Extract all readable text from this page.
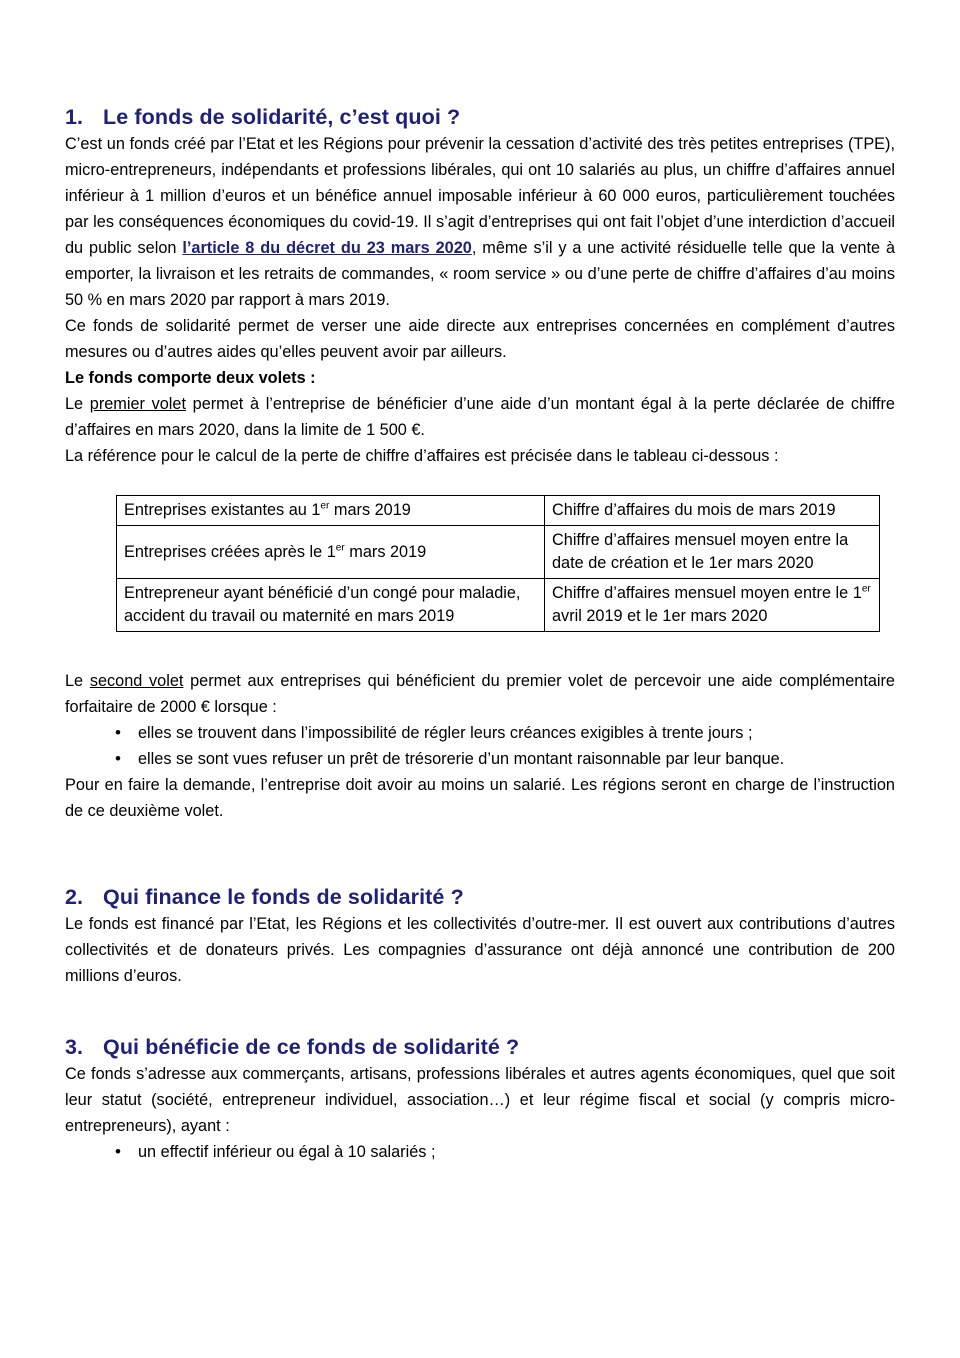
1. Le fonds de solidarité, c’est quoi ?

C’est un fonds créé par l’Etat et les Régions pour prévenir la cessation d’activité des très petites entreprises (TPE), micro-entrepreneurs, indépendants et professions libérales, qui ont 10 salariés au plus, un chiffre d’affaires annuel inférieur à 1 million d’euros et un bénéfice annuel imposable inférieur à 60 000 euros, particulièrement touchées par les conséquences économiques du covid-19. Il s’agit d’entreprises qui ont fait l’objet d’une interdiction d’accueil du public selon l’article 8 du décret du 23 mars 2020, même s’il y a une activité résiduelle telle que la vente à emporter, la livraison et les retraits de commandes, « room service » ou d’une perte de chiffre d’affaires d’au moins 50 % en mars 2020 par rapport à mars 2019.

Ce fonds de solidarité permet de verser une aide directe aux entreprises concernées en complément d’autres mesures ou d’autres aides qu’elles peuvent avoir par ailleurs.

Le fonds comporte deux volets :

Le premier volet permet à l’entreprise de bénéficier d’une aide d’un montant égal à la perte déclarée de chiffre d’affaires en mars 2020, dans la limite de 1 500 €.

La référence pour le calcul de la perte de chiffre d’affaires est précisée dans le tableau ci-dessous :

Entreprises existantes au 1er mars 2019	Chiffre d’affaires du mois de mars 2019
Entreprises créées après le 1er mars 2019	Chiffre d’affaires mensuel moyen entre la date de création et le 1er mars 2020
Entrepreneur ayant bénéficié d’un congé pour maladie, accident du travail ou maternité en mars 2019	Chiffre d’affaires mensuel moyen entre le 1er avril 2019 et le 1er mars 2020

Le second volet permet aux entreprises qui bénéficient du premier volet de percevoir une aide complémentaire forfaitaire de 2000 € lorsque :

• elles se trouvent dans l’impossibilité de régler leurs créances exigibles à trente jours ;
• elles se sont vues refuser un prêt de trésorerie d’un montant raisonnable par leur banque.

Pour en faire la demande, l’entreprise doit avoir au moins un salarié. Les régions seront en charge de l’instruction de ce deuxième volet.

2. Qui finance le fonds de solidarité ?

Le fonds est financé par l’Etat, les Régions et les collectivités d’outre-mer. Il est ouvert aux contributions d’autres collectivités et de donateurs privés. Les compagnies d’assurance ont déjà annoncé une contribution de 200 millions d’euros.

3. Qui bénéficie de ce fonds de solidarité ?

Ce fonds s’adresse aux commerçants, artisans, professions libérales et autres agents économiques, quel que soit leur statut (société, entrepreneur individuel, association…) et leur régime fiscal et social (y compris micro-entrepreneurs), ayant :

• un effectif inférieur ou égal à 10 salariés ;
